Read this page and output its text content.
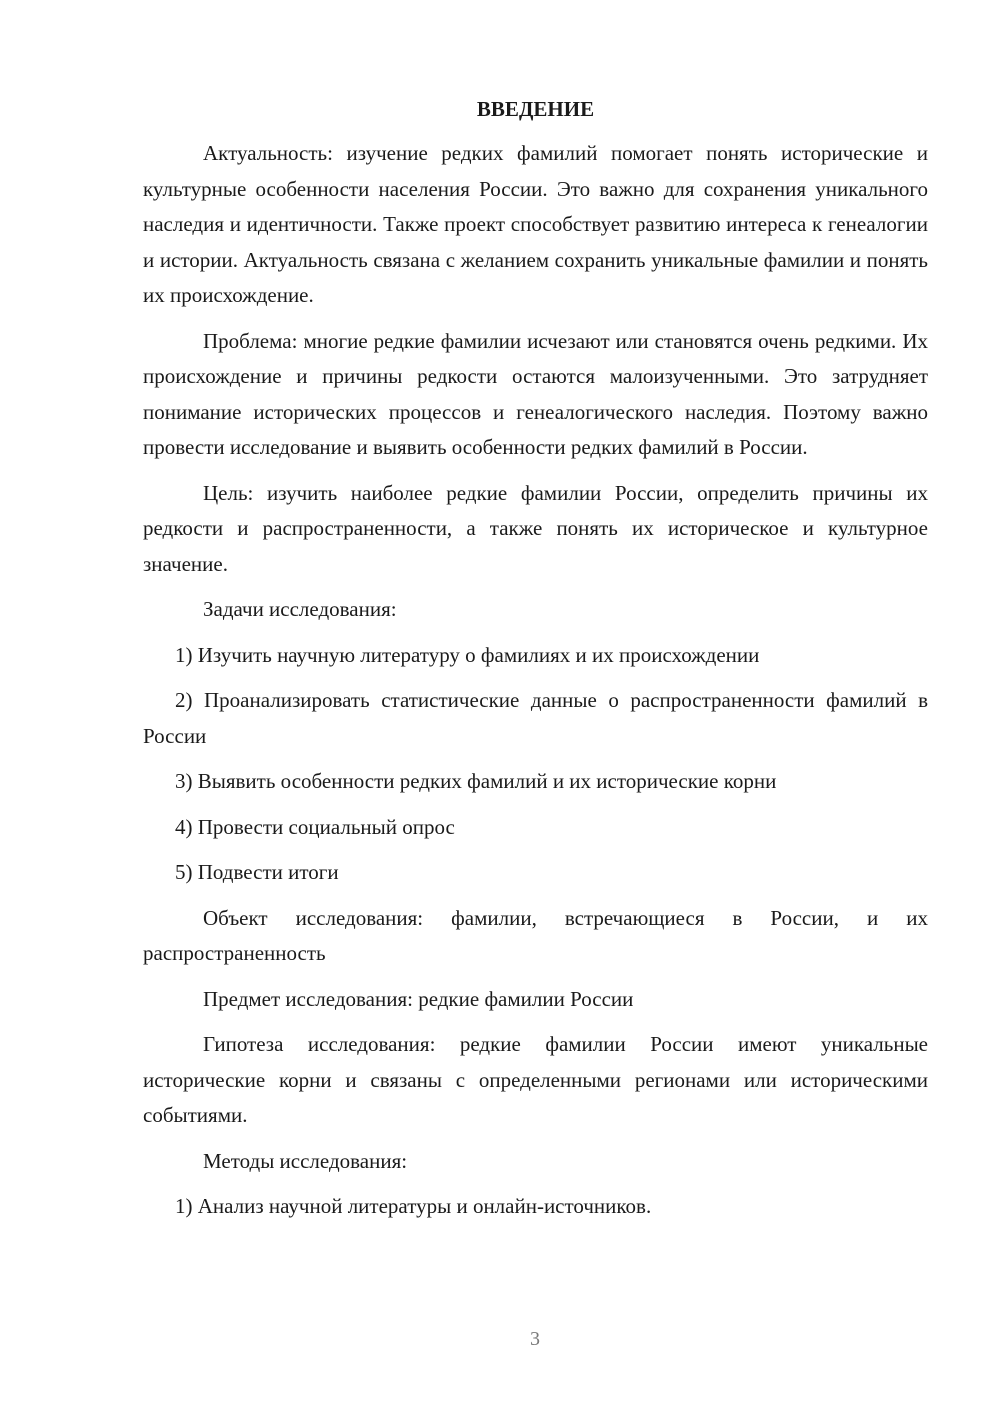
ВВЕДЕНИЕ

Актуальность: изучение редких фамилий помогает понять исторические и культурные особенности населения России. Это важно для сохранения уникального наследия и идентичности. Также проект способствует развитию интереса к генеалогии и истории. Актуальность связана с желанием сохранить уникальные фамилии и понять их происхождение.

Проблема: многие редкие фамилии исчезают или становятся очень редкими. Их происхождение и причины редкости остаются малоизученными. Это затрудняет понимание исторических процессов и генеалогического наследия. Поэтому важно провести исследование и выявить особенности редких фамилий в России.

Цель: изучить наиболее редкие фамилии России, определить причины их редкости и распространенности, а также понять их историческое и культурное значение.

Задачи исследования:

1) Изучить научную литературу о фамилиях и их происхождении

2) Проанализировать статистические данные о распространенности фамилий в России

3) Выявить особенности редких фамилий и их исторические корни

4) Провести социальный опрос

5) Подвести итоги

Объект исследования: фамилии, встречающиеся в России, и их распространенность

Предмет исследования: редкие фамилии России

Гипотеза исследования: редкие фамилии России имеют уникальные исторические корни и связаны с определенными регионами или историческими событиями.

Методы исследования:

1) Анализ научной литературы и онлайн-источников.

3
